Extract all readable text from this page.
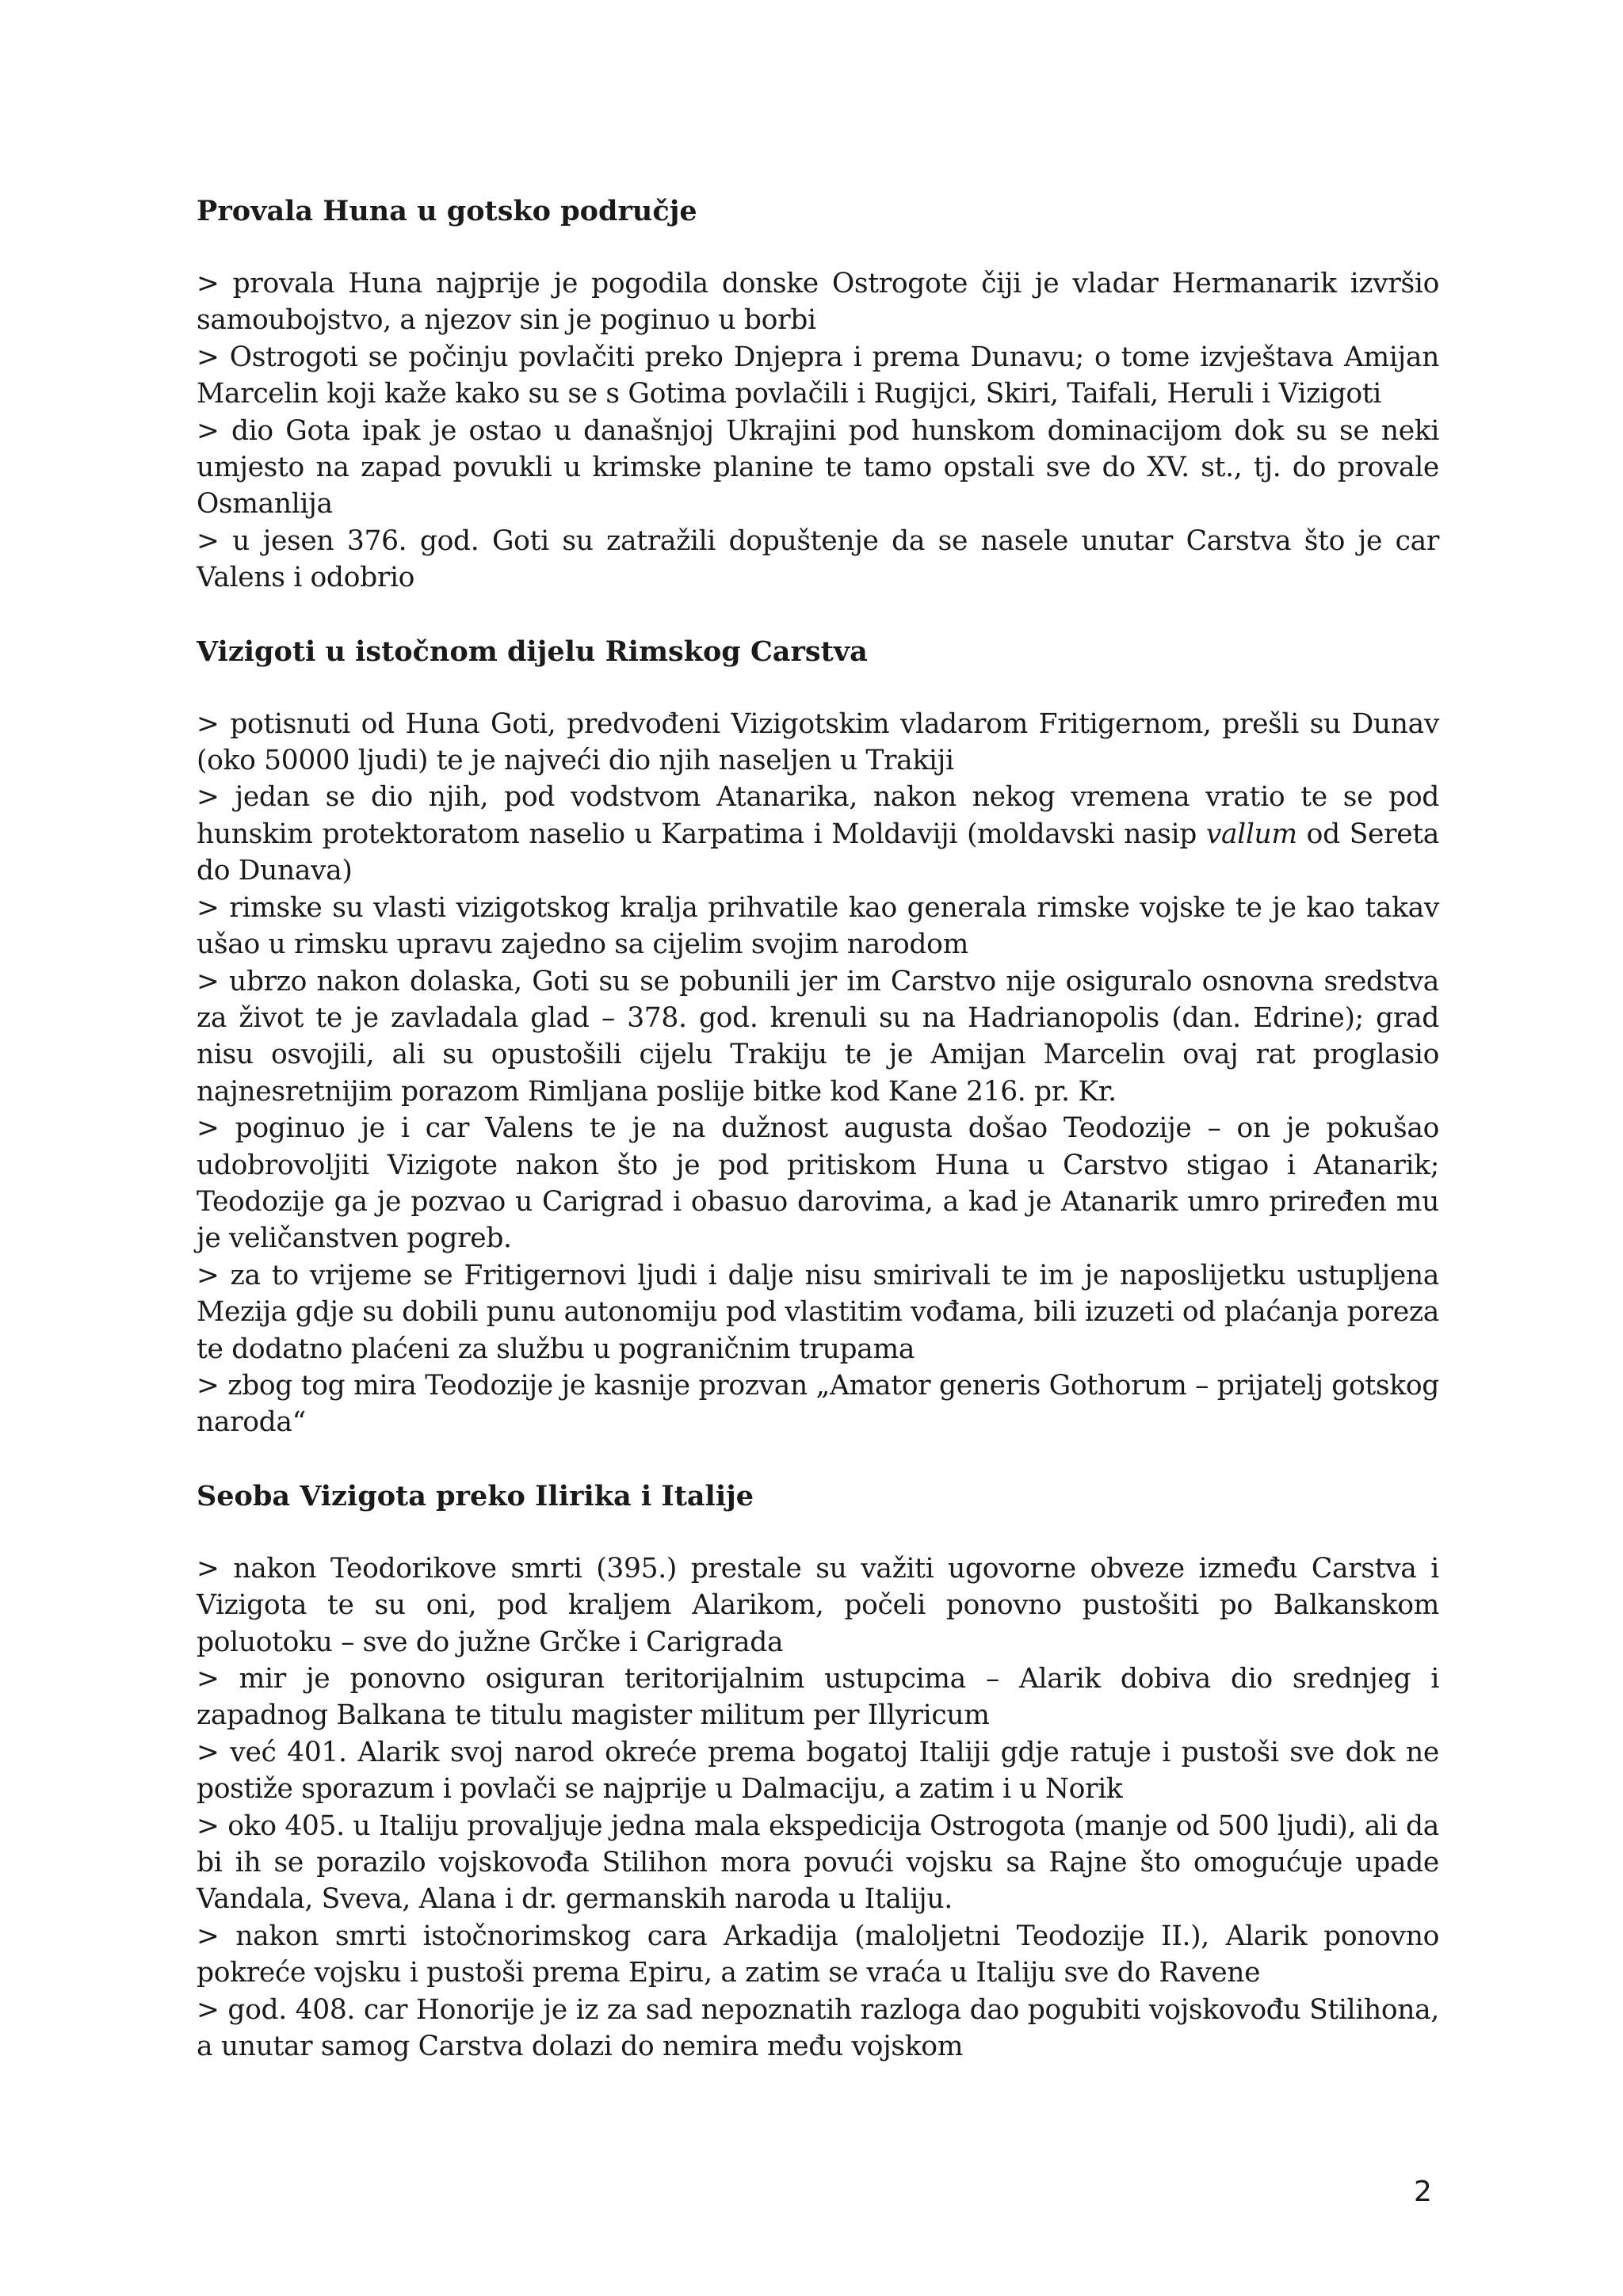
Provala Huna u gotsko područje

> provala Huna najprije je pogodila donske Ostrogote čiji je vladar Hermanarik izvršio samoubojstvo, a njezov sin je poginuo u borbi

> Ostrogoti se počinju povlačiti preko Dnjepra i prema Dunavu; o tome izvještava Amijan Marcelin koji kaže kako su se s Gotima povlačili i Rugijci, Skiri, Taifali, Heruli i Vizigoti

> dio Gota ipak je ostao u današnjoj Ukrajini pod hunskom dominacijom dok su se neki umjesto na zapad povukli u krimske planine te tamo opstali sve do XV. st., tj. do provale Osmanlija

> u jesen 376. god. Goti su zatražili dopuštenje da se nasele unutar Carstva što je car Valens i odobrio

Vizigoti u istočnom dijelu Rimskog Carstva

> potisnuti od Huna Goti, predvođeni Vizigotskim vladarom Fritigernom, prešli su Dunav (oko 50000 ljudi) te je najveći dio njih naseljen u Trakiji

> jedan se dio njih, pod vodstvom Atanarika, nakon nekog vremena vratio te se pod hunskim protektoratom naselio u Karpatima i Moldaviji (moldavski nasip vallum od Sereta do Dunava)

> rimske su vlasti vizigotskog kralja prihvatile kao generala rimske vojske te je kao takav ušao u rimsku upravu zajedno sa cijelim svojim narodom

> ubrzo nakon dolaska, Goti su se pobunili jer im Carstvo nije osiguralo osnovna sredstva za život te je zavladala glad – 378. god. krenuli su na Hadrianopolis (dan. Edrine); grad nisu osvojili, ali su opustošili cijelu Trakiju te je Amijan Marcelin ovaj rat proglasio najnesretnijim porazom Rimljana poslije bitke kod Kane 216. pr. Kr.

> poginuo je i car Valens te je na dužnost augusta došao Teodozije – on je pokušao udobrovoljiti Vizigote nakon što je pod pritiskom Huna u Carstvo stigao i Atanarik; Teodozije ga je pozvao u Carigrad i obasuo darovima, a kad je Atanarik umro priređen mu je veličanstven pogreb.

> za to vrijeme se Fritigernovi ljudi i dalje nisu smirivali te im je naposlijetku ustupljena Mezija gdje su dobili punu autonomiju pod vlastitim vođama, bili izuzeti od plaćanja poreza te dodatno plaćeni za službu u pograničnim trupama

> zbog tog mira Teodozije je kasnije prozvan „Amator generis Gothorum – prijatelj gotskog naroda“

Seoba Vizigota preko Ilirika i Italije

> nakon Teodorikove smrti (395.) prestale su važiti ugovorne obveze između Carstva i Vizigota te su oni, pod kraljem Alarikom, počeli ponovno pustošiti po Balkanskom poluotoku – sve do južne Grčke i Carigrada

> mir je ponovno osiguran teritorijalnim ustupcima – Alarik dobiva dio srednjeg i zapadnog Balkana te titulu magister militum per Illyricum

> već 401. Alarik svoj narod okreće prema bogatoj Italiji gdje ratuje i pustoši sve dok ne postiže sporazum i povlači se najprije u Dalmaciju, a zatim i u Norik

> oko 405. u Italiju provaljuje jedna mala ekspedicija Ostrogota (manje od 500 ljudi), ali da bi ih se porazilo vojskovođa Stilihon mora povući vojsku sa Rajne što omogućuje upade Vandala, Sveva, Alana i dr. germanskih naroda u Italiju.

> nakon smrti istočnorimskog cara Arkadija (maloljetni Teodozije II.), Alarik ponovno pokreće vojsku i pustoši prema Epiru, a zatim se vraća u Italiju sve do Ravene

> god. 408. car Honorije je iz za sad nepoznatih razloga dao pogubiti vojskovođu Stilihona, a unutar samog Carstva dolazi do nemira među vojskom

2
